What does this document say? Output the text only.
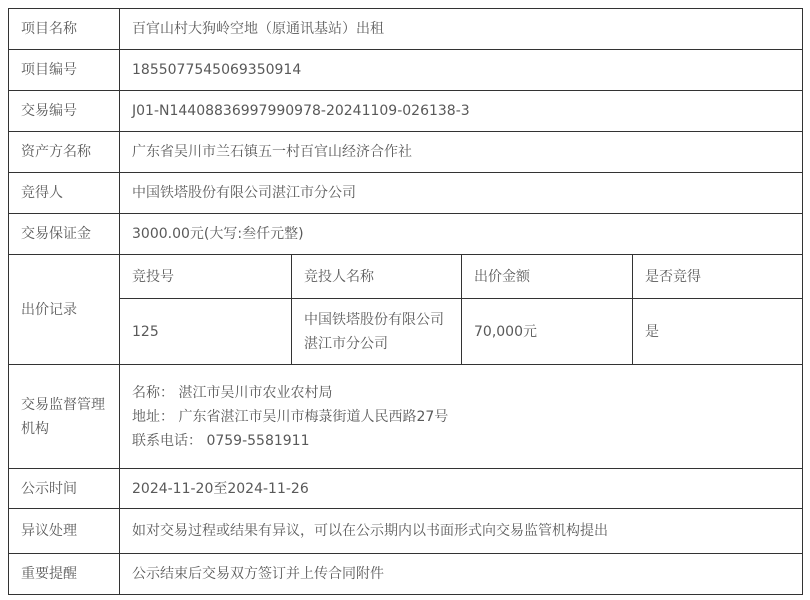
项目名称	百官山村大狗岭空地（原通讯基站）出租			
项目编号	1855077545069350914			
交易编号	J01-N14408836997990978-20241109-026138-3			
资产方名称	广东省吴川市兰石镇五一村百官山经济合作社			
竞得人	中国铁塔股份有限公司湛江市分公司			
交易保证金	3000.00元(大写:叁仟元整)			
出价记录	竞投号	竞投人名称	出价金额	是否竞得
	125	中国铁塔股份有限公司湛江市分公司	70,000元	是
交易监督管理机构	名称： 湛江市吴川市农业农村局
地址： 广东省湛江市吴川市梅菉街道人民西路27号
联系电话： 0759-5581911			

公示时间	2024-11-20至2024-11-26			
异议处理	如对交易过程或结果有异议，可以在公示期内以书面形式向交易监管机构提出			
重要提醒	公示结束后交易双方签订并上传合同附件			
